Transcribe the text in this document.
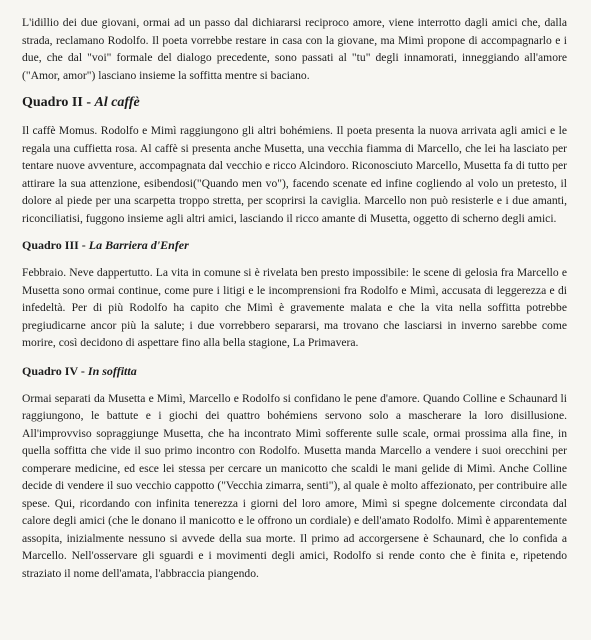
L'idillio dei due giovani, ormai ad un passo dal dichiararsi reciproco amore, viene interrotto dagli amici che, dalla strada, reclamano Rodolfo. Il poeta vorrebbe restare in casa con la giovane, ma Mimì propone di accompagnarlo e i due, che dal "voi" formale del dialogo precedente, sono passati al "tu" degli innamorati, inneggiando all'amore ("Amor, amor") lasciano insieme la soffitta mentre si baciano.

Quadro II - Al caffè

Il caffè Momus. Rodolfo e Mimì raggiungono gli altri bohémiens. Il poeta presenta la nuova arrivata agli amici e le regala una cuffietta rosa. Al caffè si presenta anche Musetta, una vecchia fiamma di Marcello, che lei ha lasciato per tentare nuove avventure, accompagnata dal vecchio e ricco Alcindoro. Riconosciuto Marcello, Musetta fa di tutto per attirare la sua attenzione, esibendosi("Quando men vo"), facendo scenate ed infine cogliendo al volo un pretesto, il dolore al piede per una scarpetta troppo stretta, per scoprirsi la caviglia. Marcello non può resisterle e i due amanti, riconciliatisi, fuggono insieme agli altri amici, lasciando il ricco amante di Musetta, oggetto di scherno degli amici.

Quadro III - La Barriera d'Enfer

Febbraio. Neve dappertutto. La vita in comune si è rivelata ben presto impossibile: le scene di gelosia fra Marcello e Musetta sono ormai continue, come pure i litigi e le incomprensioni fra Rodolfo e Mimì, accusata di leggerezza e di infedeltà. Per di più Rodolfo ha capito che Mimì è gravemente malata e che la vita nella soffitta potrebbe pregiudicarne ancor più la salute; i due vorrebbero separarsi, ma trovano che lasciarsi in inverno sarebbe come morire, così decidono di aspettare fino alla bella stagione, La Primavera.

Quadro IV - In soffitta

Ormai separati da Musetta e Mimì, Marcello e Rodolfo si confidano le pene d'amore. Quando Colline e Schaunard li raggiungono, le battute e i giochi dei quattro bohémiens servono solo a mascherare la loro disillusione. All'improvviso sopraggiunge Musetta, che ha incontrato Mimì sofferente sulle scale, ormai prossima alla fine, in quella soffitta che vide il suo primo incontro con Rodolfo. Musetta manda Marcello a vendere i suoi orecchini per comperare medicine, ed esce lei stessa per cercare un manicotto che scaldi le mani gelide di Mimì. Anche Colline decide di vendere il suo vecchio cappotto ("Vecchia zimarra, senti"), al quale è molto affezionato, per contribuire alle spese. Qui, ricordando con infinita tenerezza i giorni del loro amore, Mimì si spegne dolcemente circondata dal calore degli amici (che le donano il manicotto e le offrono un cordiale) e dell'amato Rodolfo. Mimì è apparentemente assopita, inizialmente nessuno si avvede della sua morte. Il primo ad accorgersene è Schaunard, che lo confida a Marcello. Nell'osservare gli sguardi e i movimenti degli amici, Rodolfo si rende conto che è finita e, ripetendo straziato il nome dell'amata, l'abbraccia piangendo.
